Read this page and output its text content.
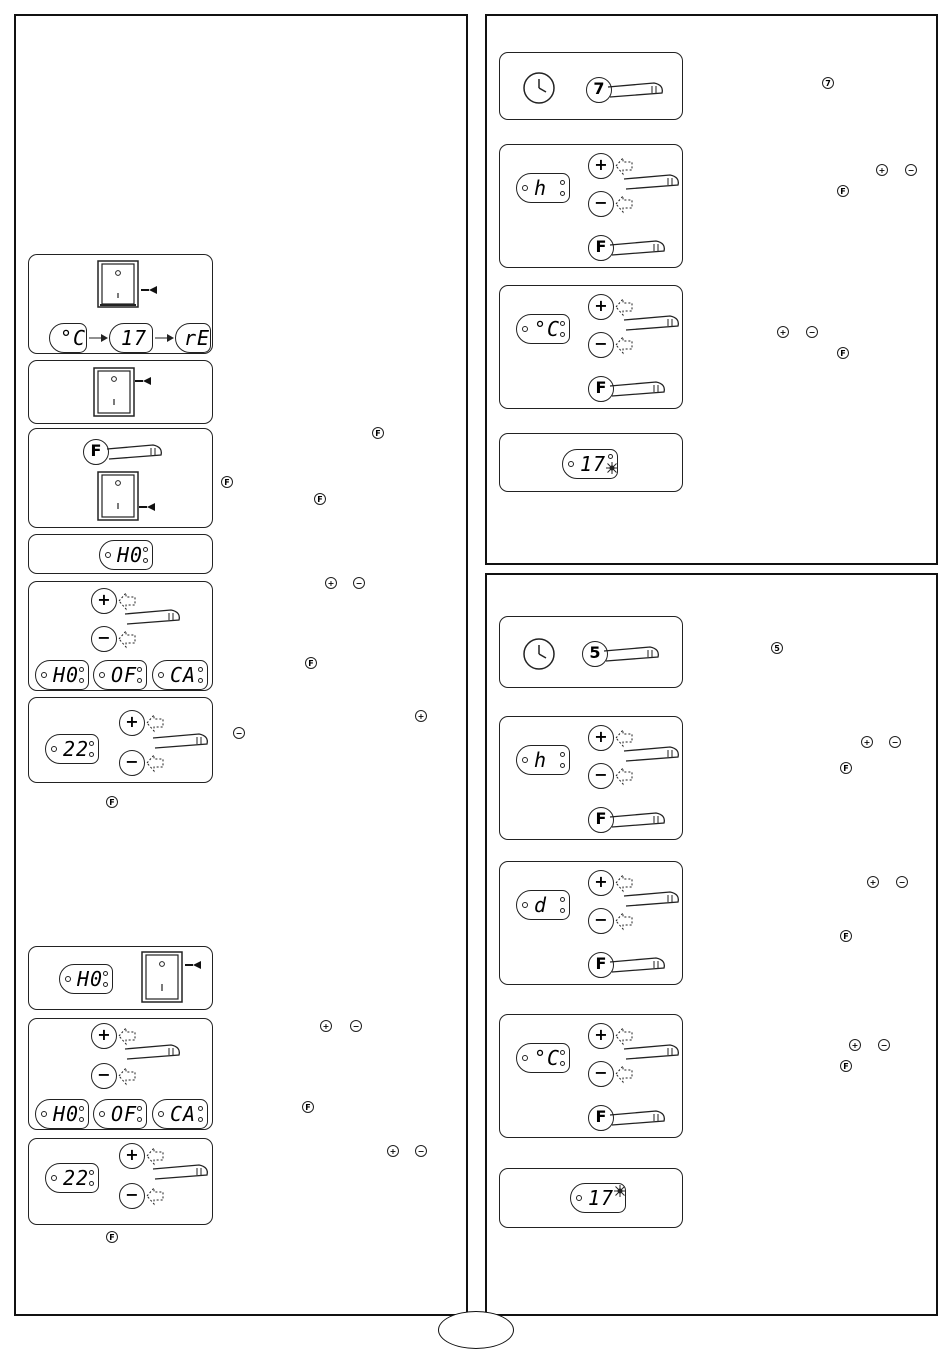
°C 17 rE
F
H0
+
−
H0 OF CA
22
+
−
H0
+
−
H0 OF CA
22
+
−
F
F
F
+	−
F
+
−
F
+	−
F
+	−
F
7
h
+
−
F
°C
+
−
F
17
7
+	−
F
+	−
F
5
h
+
−
F
d
+
−
F
°C
+
−
F
17
5
+	−
F
+	−
F
+	−
F
